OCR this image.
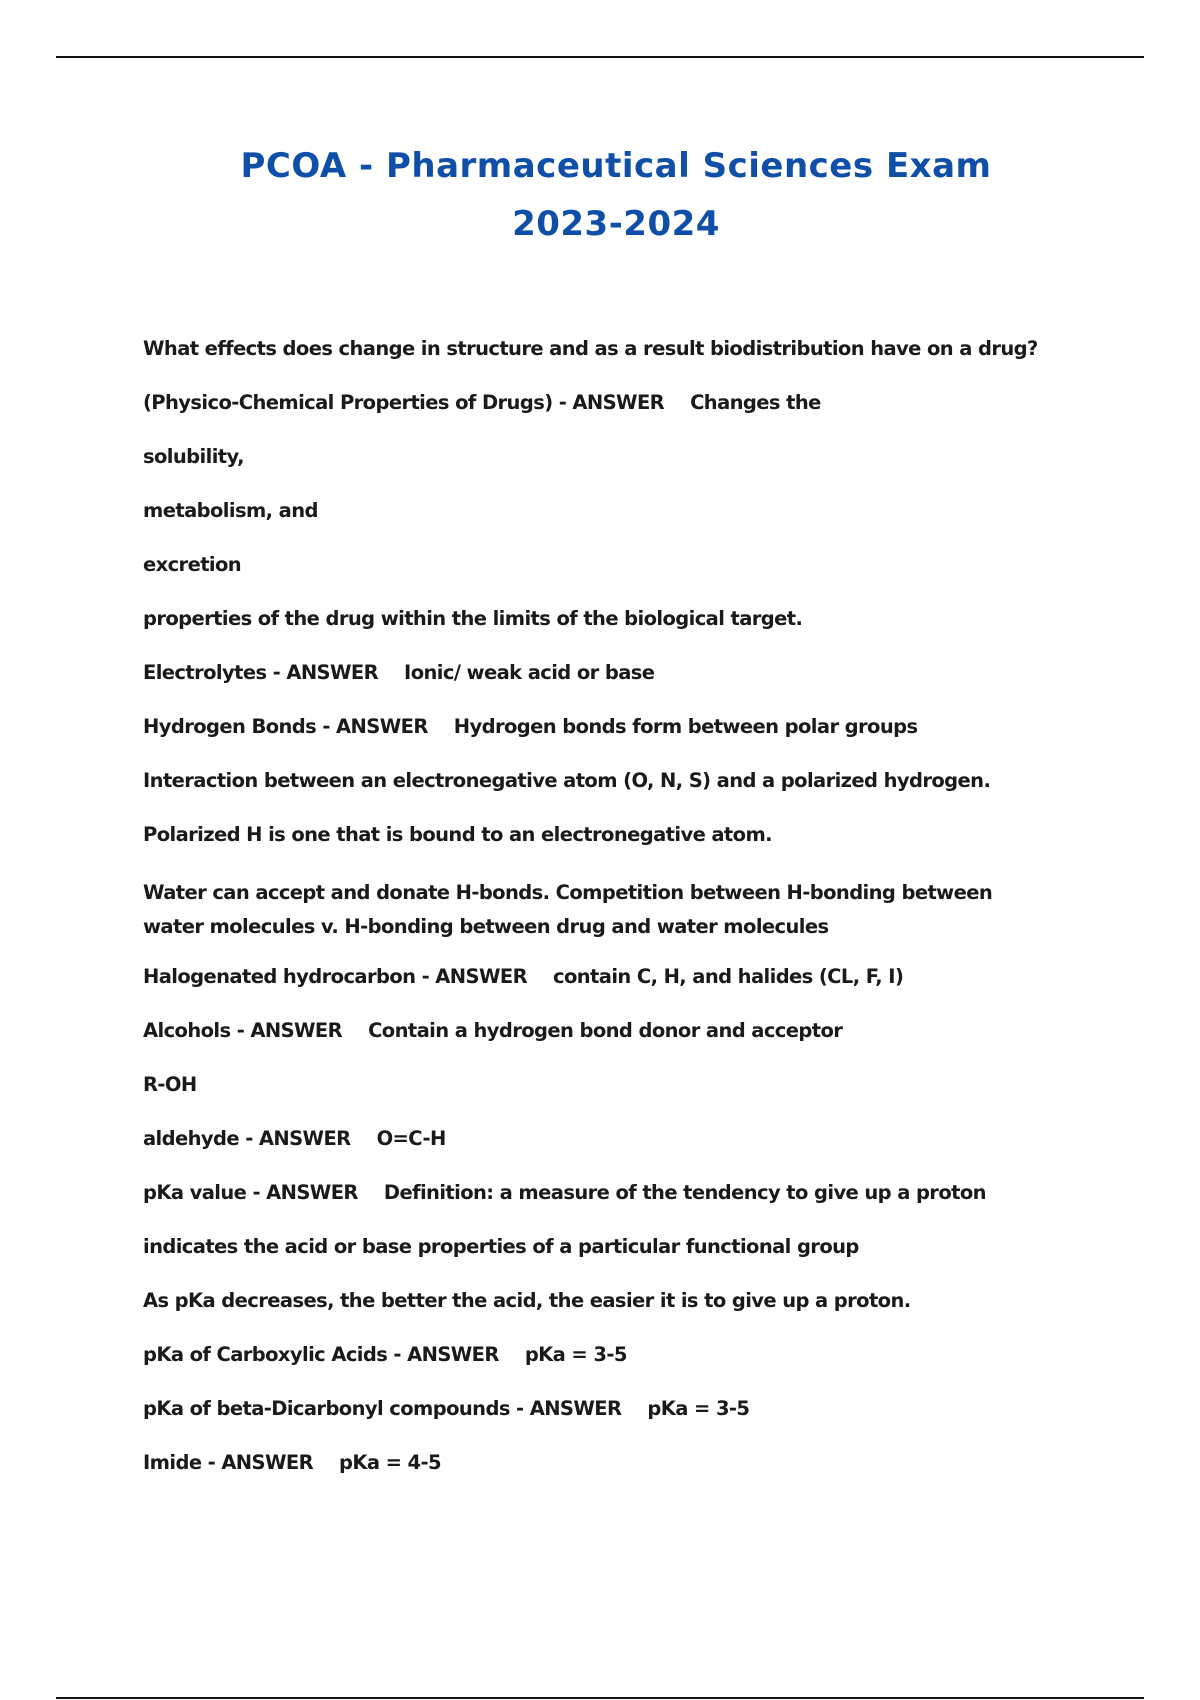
PCOA - Pharmaceutical Sciences Exam
2023-2024
What effects does change in structure and as a result biodistribution have on a drug?
(Physico-Chemical Properties of Drugs) - ANSWER Changes the
solubility,
metabolism, and
excretion
properties of the drug within the limits of the biological target.
Electrolytes - ANSWER Ionic/ weak acid or base
Hydrogen Bonds - ANSWER Hydrogen bonds form between polar groups
Interaction between an electronegative atom (O, N, S) and a polarized hydrogen.
Polarized H is one that is bound to an electronegative atom.
Water can accept and donate H-bonds. Competition between H-bonding between water molecules v. H-bonding between drug and water molecules
Halogenated hydrocarbon - ANSWER contain C, H, and halides (CL, F, I)
Alcohols - ANSWER Contain a hydrogen bond donor and acceptor
R-OH
aldehyde - ANSWER O=C-H
pKa value - ANSWER Definition: a measure of the tendency to give up a proton
indicates the acid or base properties of a particular functional group
As pKa decreases, the better the acid, the easier it is to give up a proton.
pKa of Carboxylic Acids - ANSWER pKa = 3-5
pKa of beta-Dicarbonyl compounds - ANSWER pKa = 3-5
Imide - ANSWER pKa = 4-5
